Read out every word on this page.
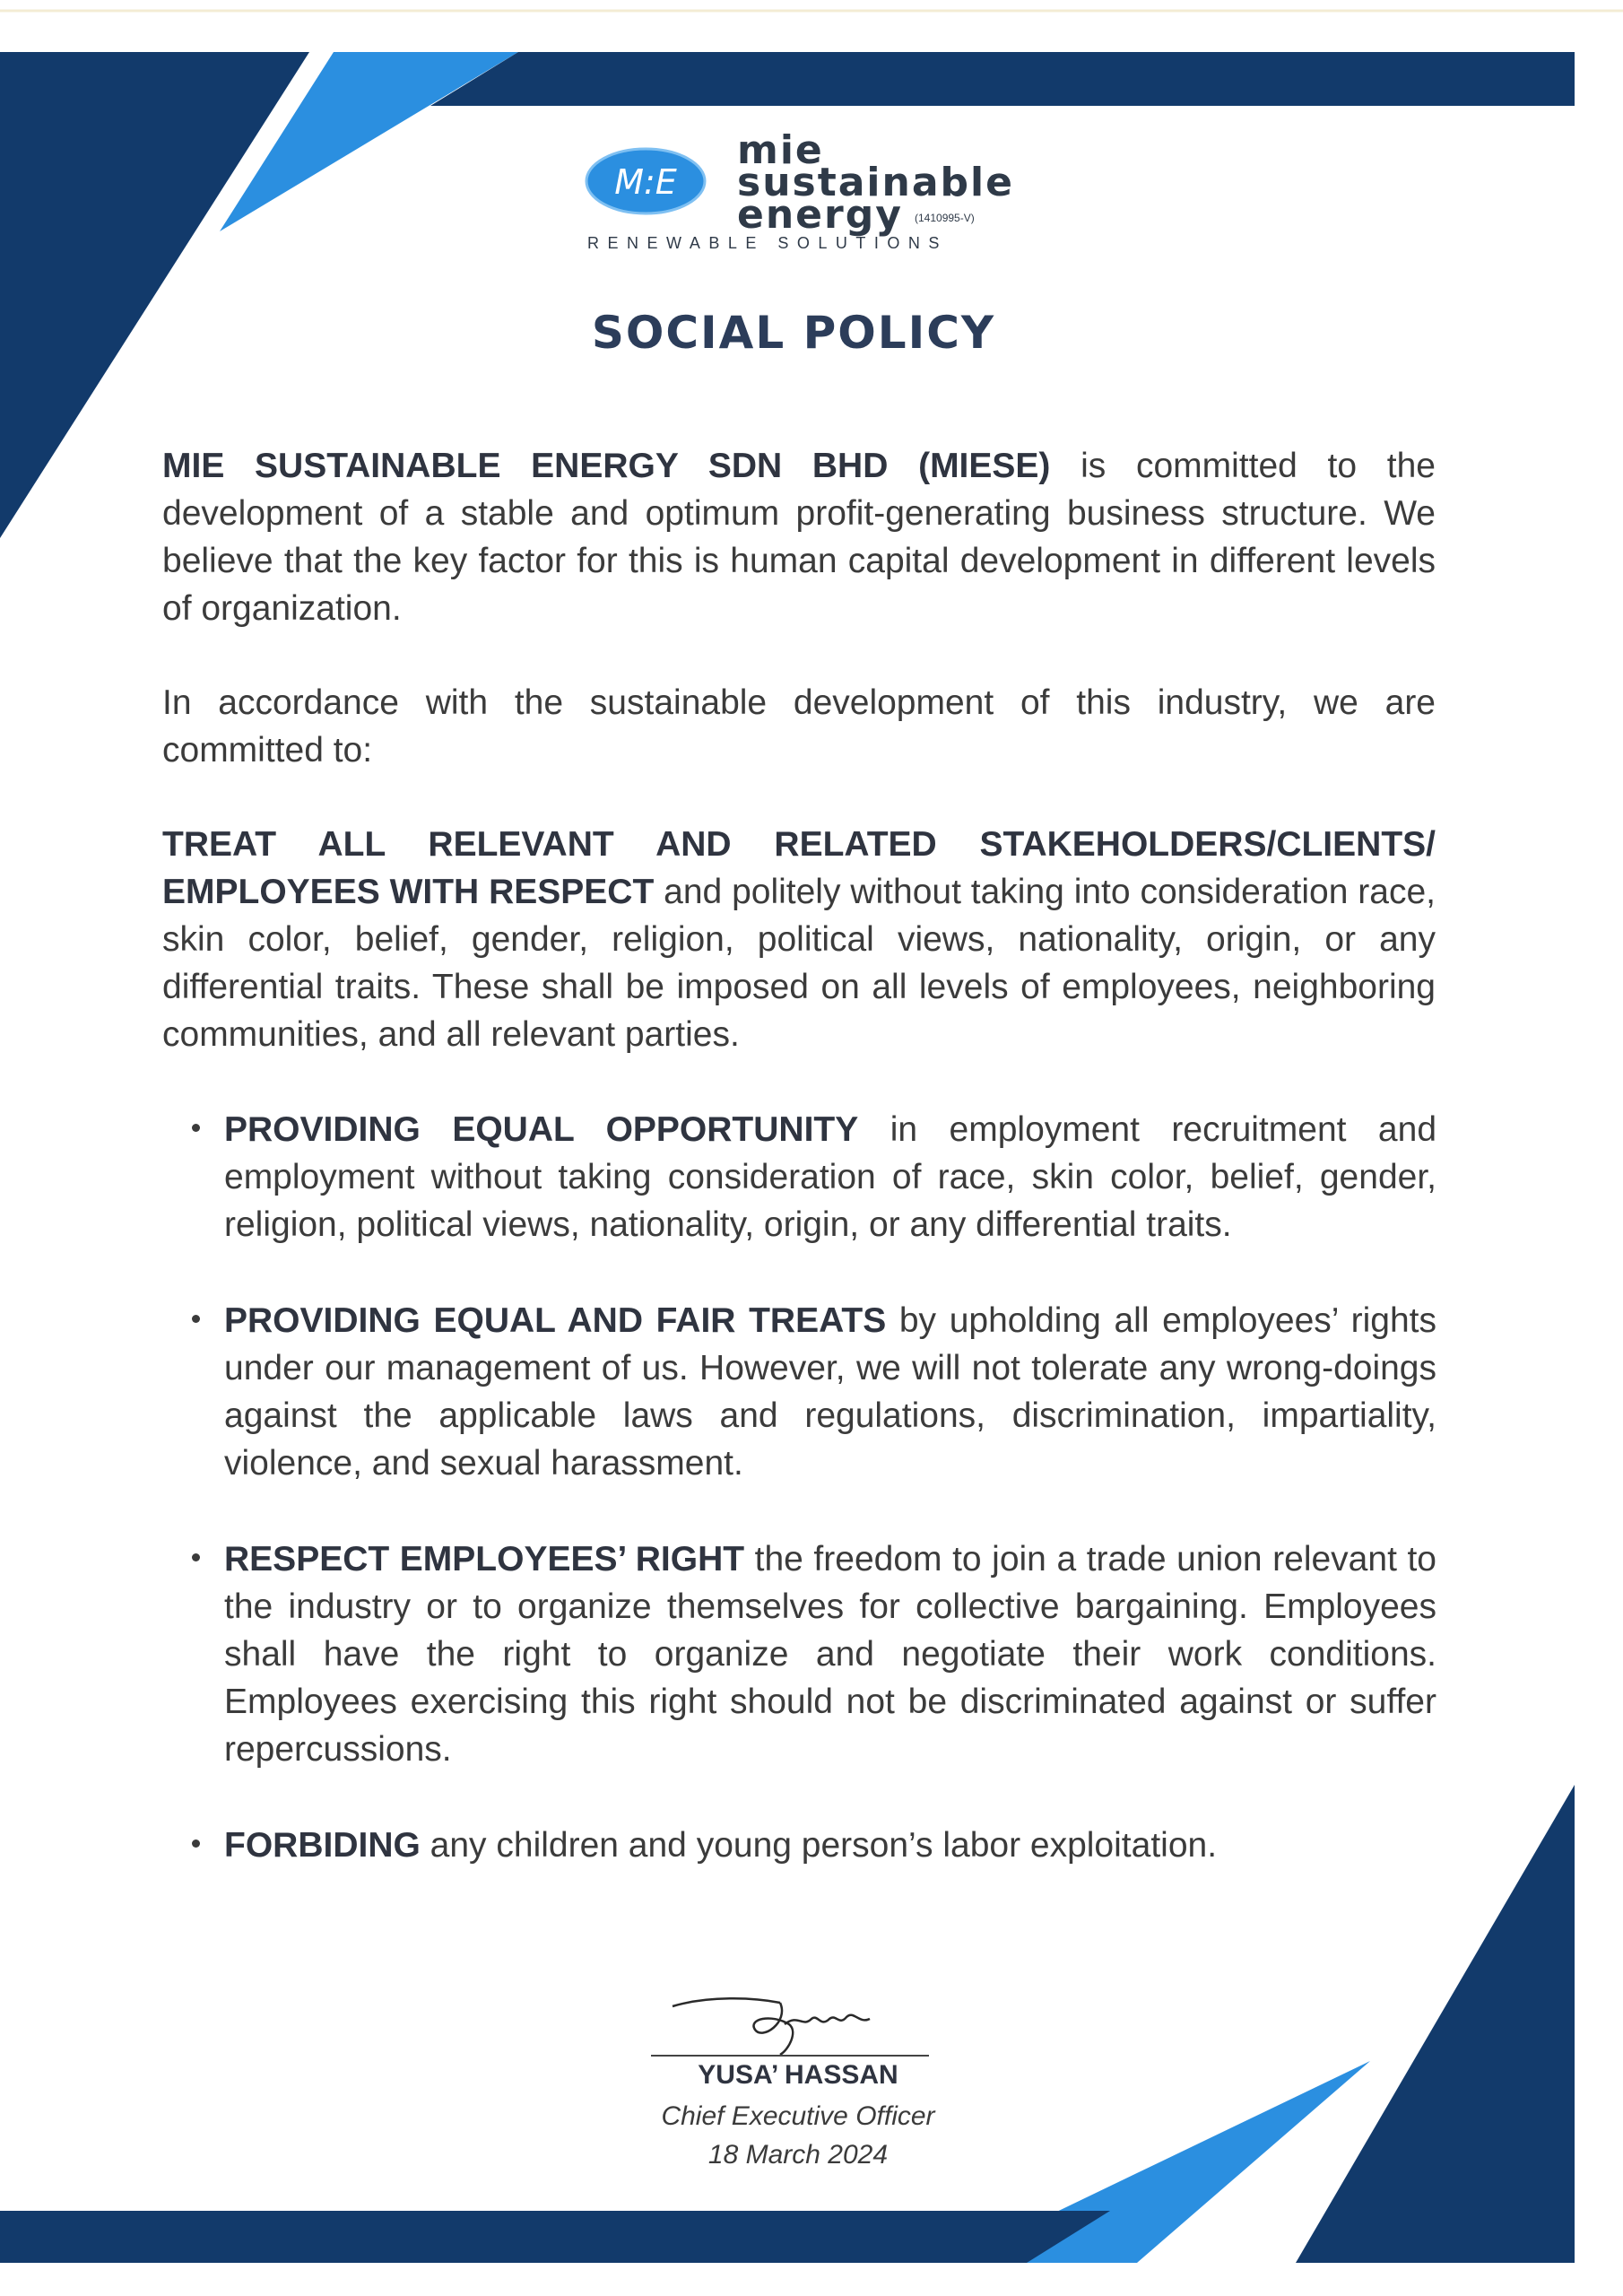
M:E
mie
sustainable
energy (1410995-V)
RENEWABLE SOLUTIONS
SOCIAL POLICY

MIE SUSTAINABLE ENERGY SDN BHD (MIESE) is committed to the development of a stable and optimum profit-generating business structure. We believe that the key factor for this is human capital development in different levels of organization.

In accordance with the sustainable development of this industry, we are committed to:

TREAT ALL RELEVANT AND RELATED STAKEHOLDERS/CLIENTS/ EMPLOYEES WITH RESPECT and politely without taking into consideration race, skin color, belief, gender, religion, political views, nationality, origin, or any differential traits. These shall be imposed on all levels of employees, neighboring communities, and all relevant parties.

PROVIDING EQUAL OPPORTUNITY in employment recruitment and employment without taking consideration of race, skin color, belief, gender, religion, political views, nationality, origin, or any differential traits.
PROVIDING EQUAL AND FAIR TREATS by upholding all employees’ rights under our management of us. However, we will not tolerate any wrong-doings against the applicable laws and regulations, discrimination, impartiality, violence, and sexual harassment.
RESPECT EMPLOYEES’ RIGHT the freedom to join a trade union relevant to the industry or to organize themselves for collective bargaining. Employees shall have the right to organize and negotiate their work conditions. Employees exercising this right should not be discriminated against or suffer repercussions.
FORBIDING any children and young person’s labor exploitation.
YUSA’ HASSAN
Chief Executive Officer
18 March 2024
